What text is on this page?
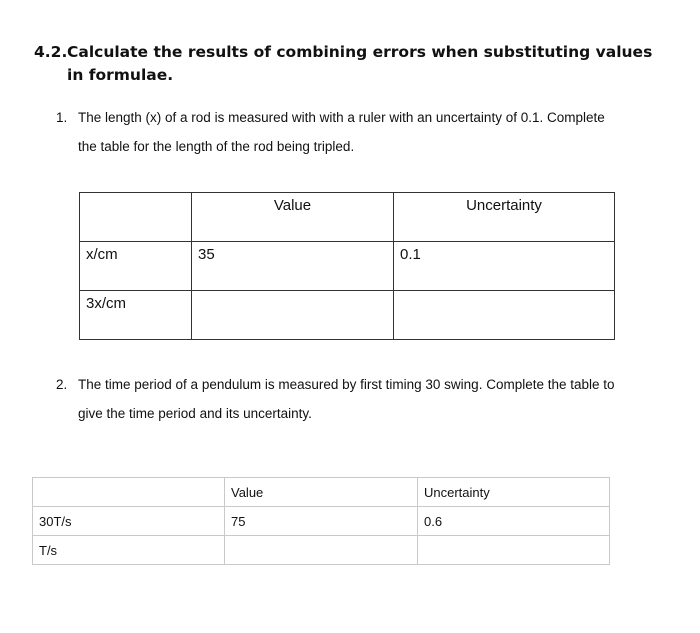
4.2.Calculate the results of combining errors when substituting values
in formulae.
1. The length (x) of a rod is measured with with a ruler with an uncertainty of 0.1. Complete
the table for the length of the rod being tripled.
	Value	Uncertainty
x/cm	35	0.1
3x/cm		
2. The time period of a pendulum is measured by first timing 30 swing. Complete the table to
give the time period and its uncertainty.
	Value	Uncertainty
30T/s	75	0.6
T/s		
